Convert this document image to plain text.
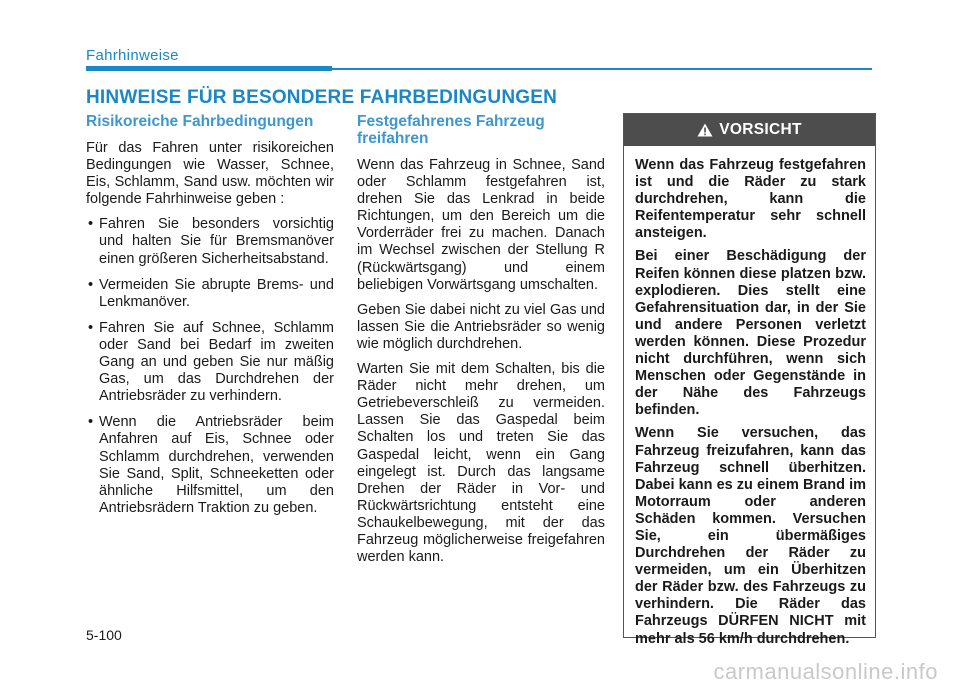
Fahrhinweise
HINWEISE FÜR BESONDERE FAHRBEDINGUNGEN
Risikoreiche Fahrbedingungen

Für das Fahren unter risikoreichen Bedingungen wie Wasser, Schnee, Eis, Schlamm, Sand usw. möchten wir folgende Fahrhinweise geben :

• Fahren Sie besonders vorsichtig und halten Sie für Bremsmanöver einen größeren Sicherheitsabstand.
• Vermeiden Sie abrupte Brems- und Lenkmanöver.
• Fahren Sie auf Schnee, Schlamm oder Sand bei Bedarf im zweiten Gang an und geben Sie nur mäßig Gas, um das Durchdrehen der Antriebsräder zu verhindern.
• Wenn die Antriebsräder beim Anfahren auf Eis, Schnee oder Schlamm durchdrehen, verwenden Sie Sand, Split, Schneeketten oder ähnliche Hilfsmittel, um den Antriebsrädern Traktion zu geben.
Festgefahrenes Fahrzeug freifahren

Wenn das Fahrzeug in Schnee, Sand oder Schlamm festgefahren ist, drehen Sie das Lenkrad in beide Richtungen, um den Bereich um die Vorderräder frei zu machen. Danach im Wechsel zwischen der Stellung R (Rückwärtsgang) und einem beliebigen Vorwärtsgang umschalten.

Geben Sie dabei nicht zu viel Gas und lassen Sie die Antriebsräder so wenig wie möglich durchdrehen.

Warten Sie mit dem Schalten, bis die Räder nicht mehr drehen, um Getriebeverschleiß zu vermeiden. Lassen Sie das Gaspedal beim Schalten los und treten Sie das Gaspedal leicht, wenn ein Gang eingelegt ist. Durch das langsame Drehen der Räder in Vor- und Rückwärtsrichtung entsteht eine Schaukelbewegung, mit der das Fahrzeug möglicherweise freigefahren werden kann.

VORSICHT

Wenn das Fahrzeug festgefahren ist und die Räder zu stark durchdrehen, kann die Reifentemperatur sehr schnell ansteigen.

Bei einer Beschädigung der Reifen können diese platzen bzw. explodieren. Dies stellt eine Gefahrensituation dar, in der Sie und andere Personen verletzt werden können. Diese Prozedur nicht durchführen, wenn sich Menschen oder Gegenstände in der Nähe des Fahrzeugs befinden.

Wenn Sie versuchen, das Fahrzeug freizufahren, kann das Fahrzeug schnell überhitzen. Dabei kann es zu einem Brand im Motorraum oder anderen Schäden kommen. Versuchen Sie, ein übermäßiges Durchdrehen der Räder zu vermeiden, um ein Überhitzen der Räder bzw. des Fahrzeugs zu verhindern. Die Räder das Fahrzeugs DÜRFEN NICHT mit mehr als 56 km/h durchdrehen.

5-100
carmanualsonline.info
